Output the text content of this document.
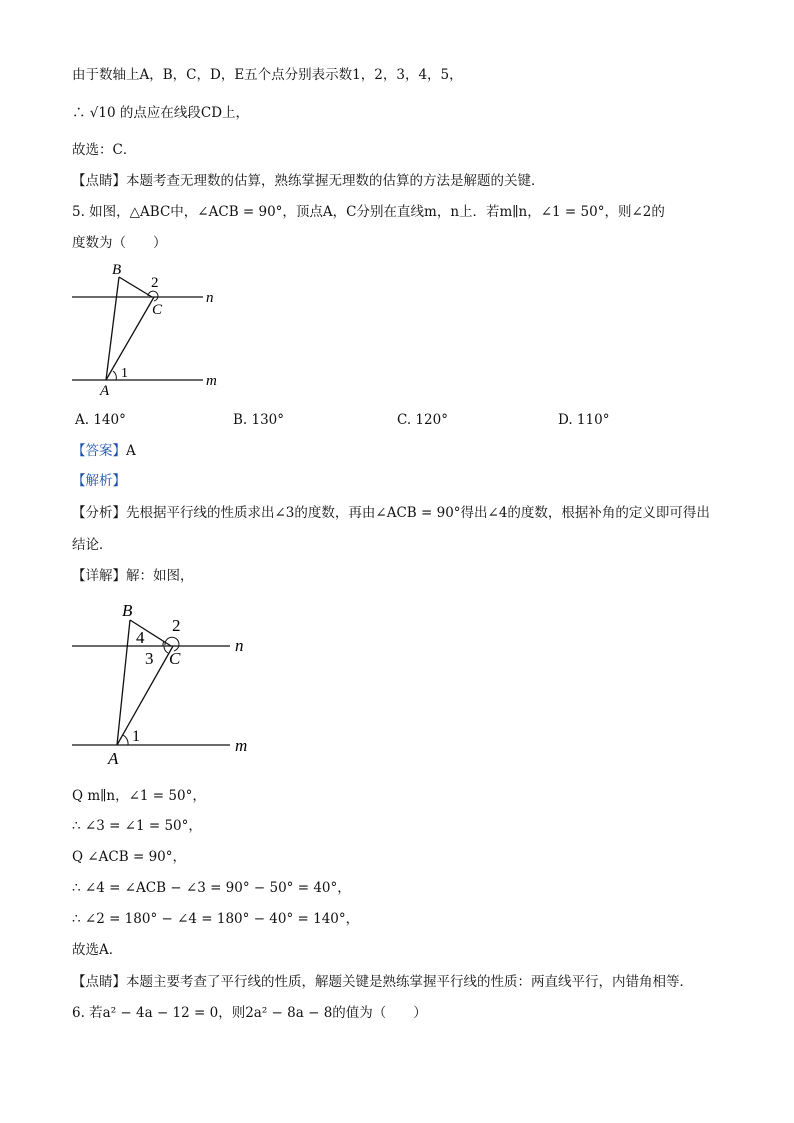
由于数轴上A，B，C，D，E五个点分别表示数1，2，3，4，5，
∴ √10 的点应在线段CD上，
故选：C．
【点睛】本题考查无理数的估算，熟练掌握无理数的估算的方法是解题的关键．
5. 如图，△ABC中，∠ACB = 90°，顶点A，C分别在直线m，n上．若m∥n，∠1 = 50°，则∠2的
度数为（　　）
B
2
C
n
1
A
m
A. 140°	B. 130°	C. 120°	D. 110°
【答案】A
【解析】
【分析】先根据平行线的性质求出∠3的度数，再由∠ACB = 90°得出∠4的度数，根据补角的定义即可得出
结论．
【详解】解：如图，
B
4
2
3 C
n
1
A
m
Q m∥n，∠1 = 50°，
∴ ∠3 = ∠1 = 50°，
Q ∠ACB = 90°，
∴ ∠4 = ∠ACB − ∠3 = 90° − 50° = 40°，
∴ ∠2 = 180° − ∠4 = 180° − 40° = 140°，
故选A．
【点睛】本题主要考查了平行线的性质，解题关键是熟练掌握平行线的性质：两直线平行，内错角相等．
6. 若a² − 4a − 12 = 0，则2a² − 8a − 8的值为（　　）
